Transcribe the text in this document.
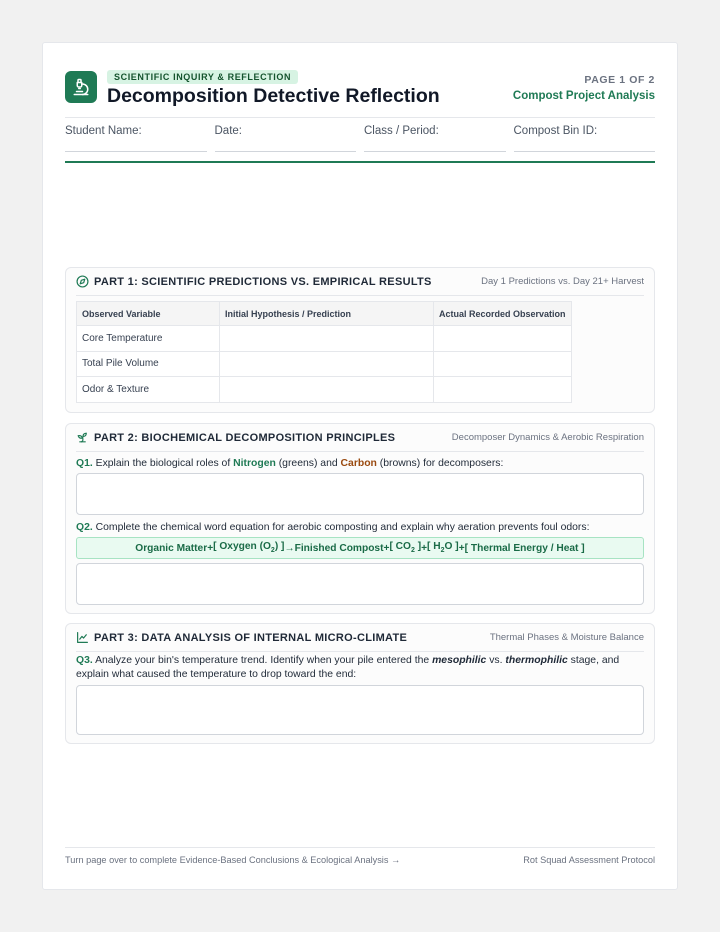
SCIENTIFIC INQUIRY & REFLECTION
Decomposition Detective Reflection
PAGE 1 OF 2
Compost Project Analysis
Student Name:	Date:	Class / Period:	Compost Bin ID:
PART 1: SCIENTIFIC PREDICTIONS VS. EMPIRICAL RESULTS	Day 1 Predictions vs. Day 21+ Harvest
Observed Variable	Initial Hypothesis / Prediction	Actual Recorded Observation
Core Temperature		
Total Pile Volume		
Odor & Texture		
PART 2: BIOCHEMICAL DECOMPOSITION PRINCIPLES	Decomposer Dynamics & Aerobic Respiration
Q1. Explain the biological roles of Nitrogen (greens) and Carbon (browns) for decomposers:
Q2. Complete the chemical word equation for aerobic composting and explain why aeration prevents foul odors:
Organic Matter + [ Oxygen $(O_2)$ ] → Finished Compost + [ $CO_2$ ] + [ $H_2O$ ] + [ Thermal Energy / Heat ]
PART 3: DATA ANALYSIS OF INTERNAL MICRO-CLIMATE	Thermal Phases & Moisture Balance
Q3. Analyze your bin's temperature trend. Identify when your pile entered the mesophilic vs. thermophilic stage, and explain what caused the temperature to drop toward the end:
Turn page over to complete Evidence-Based Conclusions & Ecological Analysis →	Rot Squad Assessment Protocol
